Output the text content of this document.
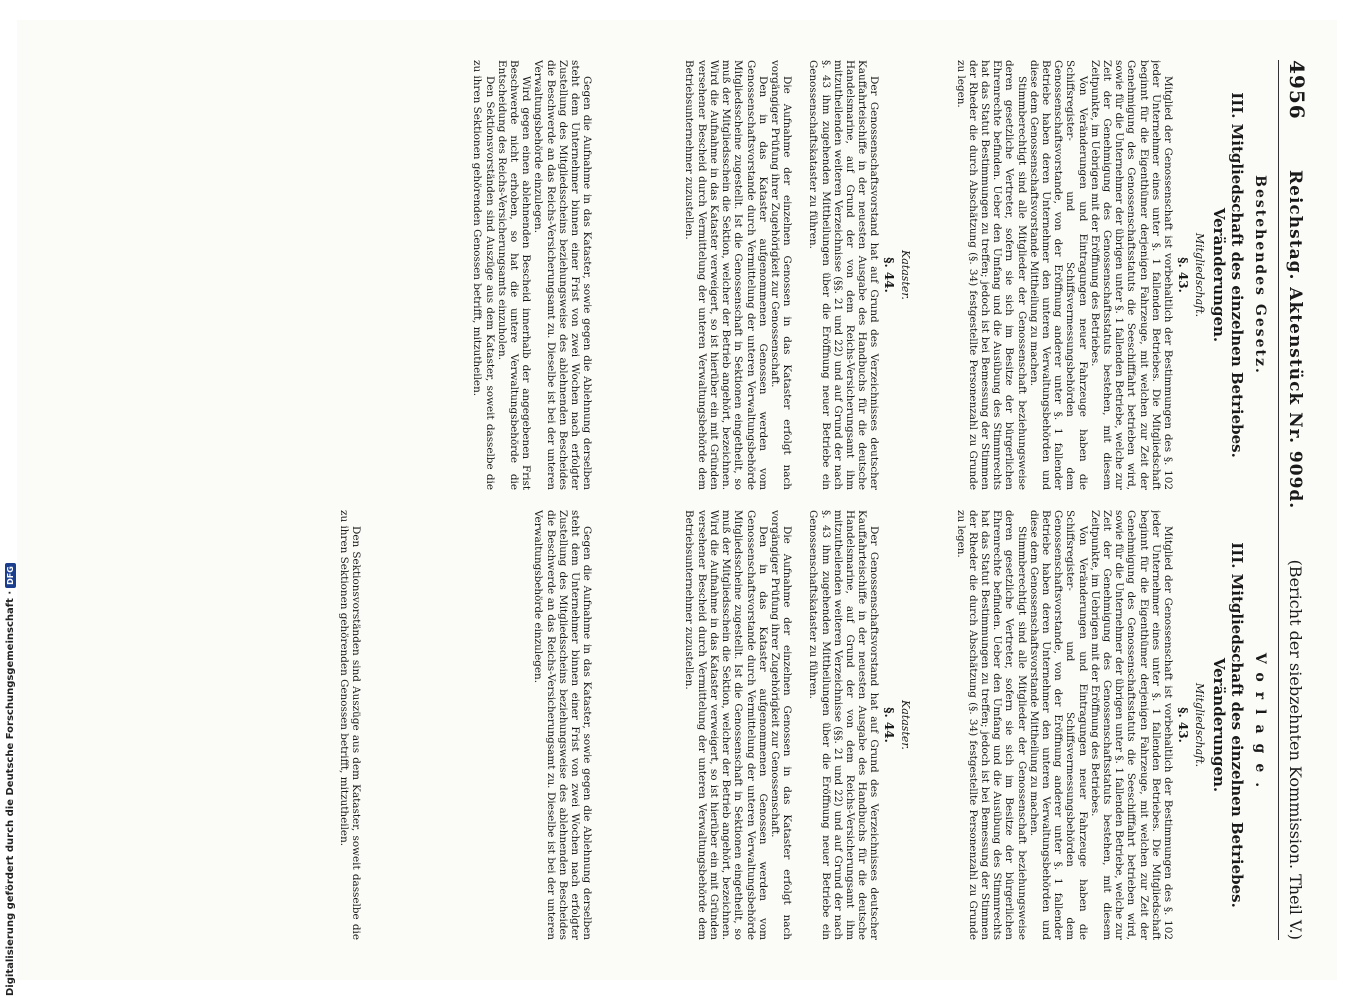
4956
Reichstag. Aktenstück Nr. 909d.
(Bericht der siebzehnten Kommission. Theil V.)
Bestehendes Gesetz.
III. Mitgliedschaft des einzelnen Betriebes. Veränderungen.
Mitgliedschaft.
§. 43.

Mitglied der Genossenschaft ist vorbehaltlich der Bestimmungen des §. 102 jeder Unternehmer eines unter §. 1 fallenden Betriebes. Die Mitgliedschaft beginnt für die Eigenthümer derjenigen Fahrzeuge, mit welchen zur Zeit der Genehmigung des Genossenschaftsstatuts die Seeschifffahrt betrieben wird, sowie für die Unternehmer der übrigen unter §. 1 fallenden Betriebe, welche zur Zeit der Genehmigung des Genossenschaftsstatuts bestehen, mit diesem Zeitpunkte, im Uebrigen mit der Eröffnung des Betriebes.

Von Veränderungen und Eintragungen neuer Fahrzeuge haben die Schiffsregister- und Schiffsvermessungsbehörden dem Genossenschaftsvorstande, von der Eröffnung anderer unter §. 1 fallender Betriebe haben deren Unternehmer den unteren Verwaltungsbehörden und diese dem Genossenschaftsvorstande Mittheilung zu machen.

Stimmberechtigt sind alle Mitglieder der Genossenschaft beziehungsweise deren gesetzliche Vertreter, sofern sie sich im Besitze der bürgerlichen Ehrenrechte befinden. Ueber den Umfang und die Ausübung des Stimmrechts hat das Statut Bestimmungen zu treffen; jedoch ist bei Bemessung der Stimmen der Rheder die durch Abschätzung (§. 34) festgestellte Personenzahl zu Grunde zu legen.

Kataster.
§. 44.

Der Genossenschaftsvorstand hat auf Grund des Verzeichnisses deutscher Kauffahrteischiffe in der neuesten Ausgabe des Handbuchs für die deutsche Handelsmarine, auf Grund der von dem Reichs-Versicherungsamt ihm mitzutheilenden weiteren Verzeichnisse (§§. 21 und 22) und auf Grund der nach §. 43 ihm zugehenden Mittheilungen über die Eröffnung neuer Betriebe ein Genossenschaftskataster zu führen.

Die Aufnahme der einzelnen Genossen in das Kataster erfolgt nach vorgängiger Prüfung ihrer Zugehörigkeit zur Genossenschaft.

Den in das Kataster aufgenommenen Genossen werden vom Genossenschaftsvorstande durch Vermittelung der unteren Verwaltungsbehörde Mitgliedsscheine zugestellt. Ist die Genossenschaft in Sektionen eingetheilt, so muß der Mitgliedsschein die Sektion, welcher der Betrieb angehört, bezeichnen. Wird die Aufnahme in das Kataster verweigert, so ist hierüber ein mit Gründen versehener Bescheid durch Vermittelung der unteren Verwaltungsbehörde dem Betriebsunternehmer zuzustellen.

Gegen die Aufnahme in das Kataster, sowie gegen die Ablehnung derselben steht dem Unternehmer binnen einer Frist von zwei Wochen nach erfolgter Zustellung des Mitgliedsscheins beziehungsweise des ablehnenden Bescheides die Beschwerde an das Reichs-Versicherungsamt zu. Dieselbe ist bei der unteren Verwaltungsbehörde einzulegen.

Wird gegen einen ablehnenden Bescheid innerhalb der angegebenen Frist Beschwerde nicht erhoben, so hat die untere Verwaltungsbehörde die Entscheidung des Reichs-Versicherungsamts einzuholen.

Den Sektionsvorständen sind Auszüge aus dem Kataster, soweit dasselbe die zu ihren Sektionen gehörenden Genossen betrifft, mitzutheilen.

Vorlage.
III. Mitgliedschaft des einzelnen Betriebes. Veränderungen.
Mitgliedschaft.
§. 43.

Mitglied der Genossenschaft ist vorbehaltlich der Bestimmungen des §. 102 jeder Unternehmer eines unter §. 1 fallenden Betriebes. Die Mitgliedschaft beginnt für die Eigenthümer derjenigen Fahrzeuge, mit welchen zur Zeit der Genehmigung des Genossenschaftsstatuts die Seeschifffahrt betrieben wird, sowie für die Unternehmer der übrigen unter §. 1 fallenden Betriebe, welche zur Zeit der Genehmigung des Genossenschaftsstatuts bestehen, mit diesem Zeitpunkte, im Uebrigen mit der Eröffnung des Betriebes.

Von Veränderungen und Eintragungen neuer Fahrzeuge haben die Schiffsregister- und Schiffsvermessungsbehörden dem Genossenschaftsvorstande, von der Eröffnung anderer unter §. 1 fallender Betriebe haben deren Unternehmer den unteren Verwaltungsbehörden und diese dem Genossenschaftsvorstande Mittheilung zu machen.

Stimmberechtigt sind alle Mitglieder der Genossenschaft beziehungsweise deren gesetzliche Vertreter, sofern sie sich im Besitze der bürgerlichen Ehrenrechte befinden. Ueber den Umfang und die Ausübung des Stimmrechts hat das Statut Bestimmungen zu treffen; jedoch ist bei Bemessung der Stimmen der Rheder die durch Abschätzung (§. 34) festgestellte Personenzahl zu Grunde zu legen.

Kataster.
§. 44.

Der Genossenschaftsvorstand hat auf Grund des Verzeichnisses deutscher Kauffahrteischiffe in der neuesten Ausgabe des Handbuchs für die deutsche Handelsmarine, auf Grund der von dem Reichs-Versicherungsamt ihm mitzutheilenden weiteren Verzeichnisse (§§. 21 und 22) und auf Grund der nach §. 43 ihm zugehenden Mittheilungen über die Eröffnung neuer Betriebe ein Genossenschaftskataster zu führen.

Die Aufnahme der einzelnen Genossen in das Kataster erfolgt nach vorgängiger Prüfung ihrer Zugehörigkeit zur Genossenschaft.

Den in das Kataster aufgenommenen Genossen werden vom Genossenschaftsvorstande durch Vermittelung der unteren Verwaltungsbehörde Mitgliedsscheine zugestellt. Ist die Genossenschaft in Sektionen eingetheilt, so muß der Mitgliedsschein die Sektion, welcher der Betrieb angehört, bezeichnen. Wird die Aufnahme in das Kataster verweigert, so ist hierüber ein mit Gründen versehener Bescheid durch Vermittelung der unteren Verwaltungsbehörde dem Betriebsunternehmer zuzustellen.

Gegen die Aufnahme in das Kataster, sowie gegen die Ablehnung derselben steht dem Unternehmer binnen einer Frist von zwei Wochen nach erfolgter Zustellung des Mitgliedsscheins beziehungsweise des ablehnenden Bescheides die Beschwerde an das Reichs-Versicherungsamt zu. Dieselbe ist bei der unteren Verwaltungsbehörde einzulegen.

Den Sektionsvorständen sind Auszüge aus dem Kataster, soweit dasselbe die zu ihren Sektionen gehörenden Genossen betrifft, mitzutheilen.

Digitalisierung gefördert durch die Deutsche Forschungsgemeinschaft ·DFG
